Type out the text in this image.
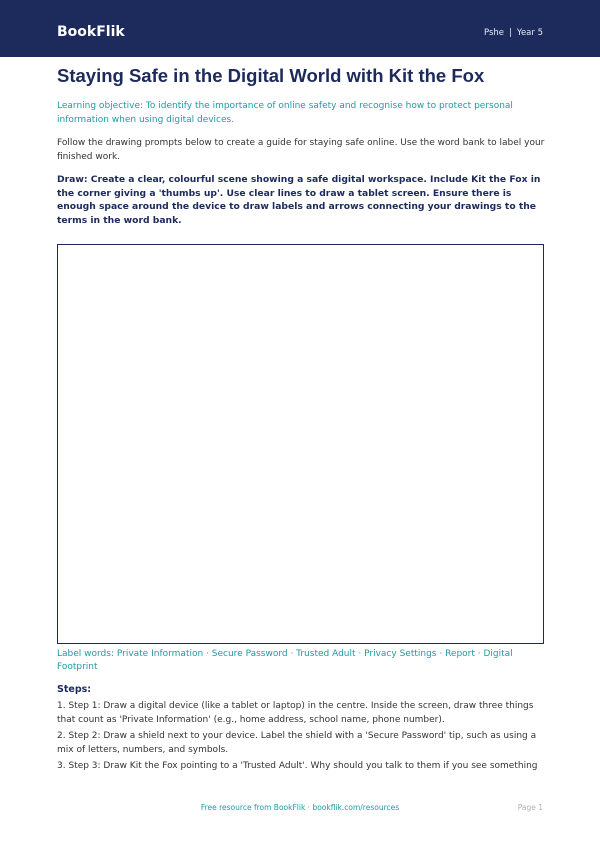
BookFlik	Pshe | Year 5
Staying Safe in the Digital World with Kit the Fox

Learning objective: To identify the importance of online safety and recognise how to protect personal information when using digital devices.

Follow the drawing prompts below to create a guide for staying safe online. Use the word bank to label your finished work.

Draw: Create a clear, colourful scene showing a safe digital workspace. Include Kit the Fox in the corner giving a 'thumbs up'. Use clear lines to draw a tablet screen. Ensure there is enough space around the device to draw labels and arrows connecting your drawings to the terms in the word bank.

Label words: Private Information · Secure Password · Trusted Adult · Privacy Settings · Report · Digital Footprint

Steps:

1. Step 1: Draw a digital device (like a tablet or laptop) in the centre. Inside the screen, draw three things that count as 'Private Information' (e.g., home address, school name, phone number).

2. Step 2: Draw a shield next to your device. Label the shield with a 'Secure Password' tip, such as using a mix of letters, numbers, and symbols.

3. Step 3: Draw Kit the Fox pointing to a 'Trusted Adult'. Why should you talk to them if you see something

Free resource from BookFlik · bookflik.com/resources	Page 1
